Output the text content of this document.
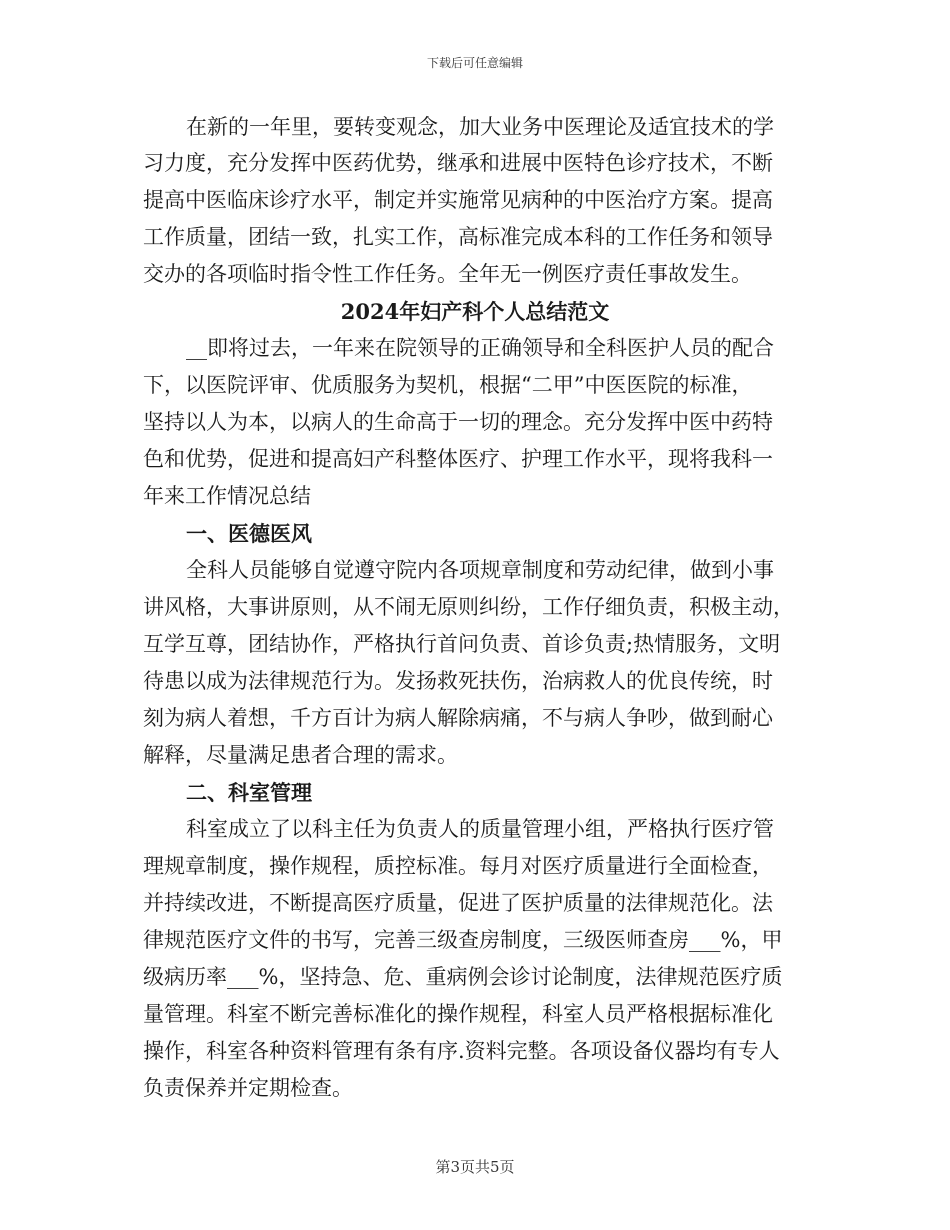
下载后可任意编辑
在新的一年里，要转变观念，加大业务中医理论及适宜技术的学
习力度，充分发挥中医药优势，继承和进展中医特色诊疗技术，不断
提高中医临床诊疗水平，制定并实施常见病种的中医治疗方案。提高
工作质量，团结一致，扎实工作，高标准完成本科的工作任务和领导
交办的各项临时指令性工作任务。全年无一例医疗责任事故发生。
2024年妇产科个人总结范文
__即将过去，一年来在院领导的正确领导和全科医护人员的配合
下，以医院评审、优质服务为契机，根据“二甲”中医医院的标准，
坚持以人为本，以病人的生命高于一切的理念。充分发挥中医中药特
色和优势，促进和提高妇产科整体医疗、护理工作水平，现将我科一
年来工作情况总结
一、医德医风
全科人员能够自觉遵守院内各项规章制度和劳动纪律，做到小事
讲风格，大事讲原则，从不闹无原则纠纷，工作仔细负责，积极主动，
互学互尊，团结协作，严格执行首问负责、首诊负责;热情服务，文明
待患以成为法律规范行为。发扬救死扶伤，治病救人的优良传统，时
刻为病人着想，千方百计为病人解除病痛，不与病人争吵，做到耐心
解释，尽量满足患者合理的需求。
二、科室管理
科室成立了以科主任为负责人的质量管理小组，严格执行医疗管
理规章制度，操作规程，质控标准。每月对医疗质量进行全面检查，
并持续改进，不断提高医疗质量，促进了医护质量的法律规范化。法
律规范医疗文件的书写，完善三级查房制度，三级医师查房___%，甲
级病历率___%，坚持急、危、重病例会诊讨论制度，法律规范医疗质
量管理。科室不断完善标准化的操作规程，科室人员严格根据标准化
操作，科室各种资料管理有条有序.资料完整。各项设备仪器均有专人
负责保养并定期检查。
第3页共5页
